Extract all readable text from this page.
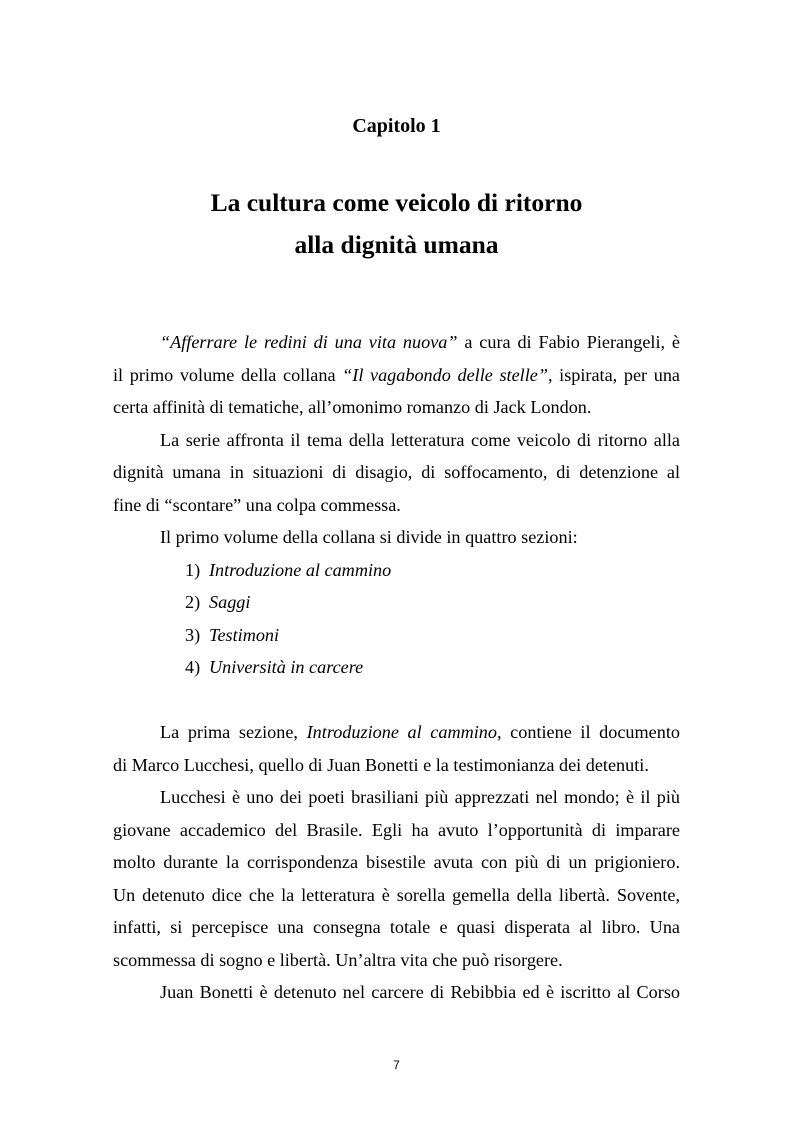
Capitolo 1
La cultura come veicolo di ritorno
alla dignità umana
“Afferrare le redini di una vita nuova” a cura di Fabio Pierangeli, è
il primo volume della collana “Il vagabondo delle stelle”, ispirata, per una
certa affinità di tematiche, all’omonimo romanzo di Jack London.
La serie affronta il tema della letteratura come veicolo di ritorno alla
dignità umana in situazioni di disagio, di soffocamento, di detenzione al
fine di “scontare” una colpa commessa.
Il primo volume della collana si divide in quattro sezioni:
1) Introduzione al cammino
2) Saggi
3) Testimoni
4) Università in carcere
La prima sezione, Introduzione al cammino, contiene il documento
di Marco Lucchesi, quello di Juan Bonetti e la testimonianza dei detenuti.
Lucchesi è uno dei poeti brasiliani più apprezzati nel mondo; è il più
giovane accademico del Brasile. Egli ha avuto l’opportunità di imparare
molto durante la corrispondenza bisestile avuta con più di un prigioniero.
Un detenuto dice che la letteratura è sorella gemella della libertà. Sovente,
infatti, si percepisce una consegna totale e quasi disperata al libro. Una
scommessa di sogno e libertà. Un’altra vita che può risorgere.
Juan Bonetti è detenuto nel carcere di Rebibbia ed è iscritto al Corso
7
